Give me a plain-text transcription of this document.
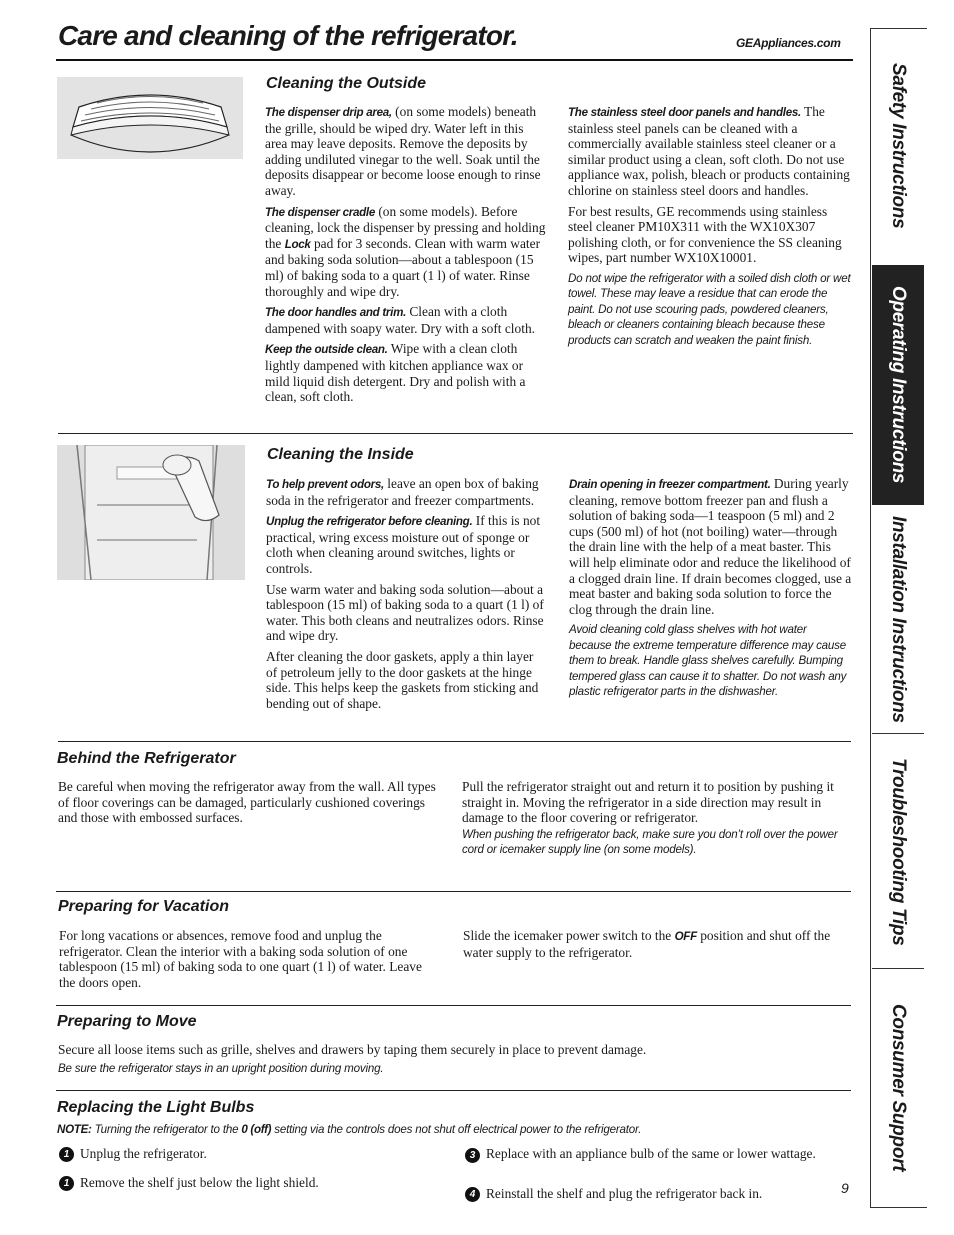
Care and cleaning of the refrigerator.	GEAppliances.com
Safety Instructions
Operating Instructions
Installation Instructions
Troubleshooting Tips
Consumer Support
Cleaning the Outside

The dispenser drip area, (on some models) beneath the grille, should be wiped dry. Water left in this area may leave deposits. Remove the deposits by adding undiluted vinegar to the well. Soak until the deposits disappear or become loose enough to rinse away.

The dispenser cradle (on some models). Before cleaning, lock the dispenser by pressing and holding the Lock pad for 3 seconds. Clean with warm water and baking soda solution—about a tablespoon (15 ml) of baking soda to a quart (1 l) of water. Rinse thoroughly and wipe dry.

The door handles and trim. Clean with a cloth dampened with soapy water. Dry with a soft cloth.

Keep the outside clean. Wipe with a clean cloth lightly dampened with kitchen appliance wax or mild liquid dish detergent. Dry and polish with a clean, soft cloth.

The stainless steel door panels and handles. The stainless steel panels can be cleaned with a commercially available stainless steel cleaner or a similar product using a clean, soft cloth. Do not use appliance wax, polish, bleach or products containing chlorine on stainless steel doors and handles.

For best results, GE recommends using stainless steel cleaner PM10X311 with the WX10X307 polishing cloth, or for convenience the SS cleaning wipes, part number WX10X10001.

Do not wipe the refrigerator with a soiled dish cloth or wet towel. These may leave a residue that can erode the paint. Do not use scouring pads, powdered cleaners, bleach or cleaners containing bleach because these products can scratch and weaken the paint finish.

Cleaning the Inside

To help prevent odors, leave an open box of baking soda in the refrigerator and freezer compartments.

Unplug the refrigerator before cleaning. If this is not practical, wring excess moisture out of sponge or cloth when cleaning around switches, lights or controls.

Use warm water and baking soda solution—about a tablespoon (15 ml) of baking soda to a quart (1 l) of water. This both cleans and neutralizes odors. Rinse and wipe dry.

After cleaning the door gaskets, apply a thin layer of petroleum jelly to the door gaskets at the hinge side. This helps keep the gaskets from sticking and bending out of shape.

Drain opening in freezer compartment. During yearly cleaning, remove bottom freezer pan and flush a solution of baking soda—1 teaspoon (5 ml) and 2 cups (500 ml) of hot (not boiling) water—through the drain line with the help of a meat baster. This will help eliminate odor and reduce the likelihood of a clogged drain line. If drain becomes clogged, use a meat baster and baking soda solution to force the clog through the drain line.

Avoid cleaning cold glass shelves with hot water because the extreme temperature difference may cause them to break. Handle glass shelves carefully. Bumping tempered glass can cause it to shatter. Do not wash any plastic refrigerator parts in the dishwasher.

Behind the Refrigerator
Be careful when moving the refrigerator away from the wall. All types of floor coverings can be damaged, particularly cushioned coverings and those with embossed surfaces.

Pull the refrigerator straight out and return it to position by pushing it straight in. Moving the refrigerator in a side direction may result in damage to the floor covering or refrigerator.

When pushing the refrigerator back, make sure you don’t roll over the power cord or icemaker supply line (on some models).

Preparing for Vacation
For long vacations or absences, remove food and unplug the refrigerator. Clean the interior with a baking soda solution of one tablespoon (15 ml) of baking soda to one quart (1 l) of water. Leave the doors open.
Slide the icemaker power switch to the OFF position and shut off the water supply to the refrigerator.
Preparing to Move
Secure all loose items such as grille, shelves and drawers by taping them securely in place to prevent damage.
Be sure the refrigerator stays in an upright position during moving.
Replacing the Light Bulbs
NOTE: Turning the refrigerator to the 0 (off) setting via the controls does not shut off electrical power to the refrigerator.
1 Unplug the refrigerator.
1 Remove the shelf just below the light shield.
3 Replace with an appliance bulb of the same or lower wattage.
4 Reinstall the shelf and plug the refrigerator back in.	9
